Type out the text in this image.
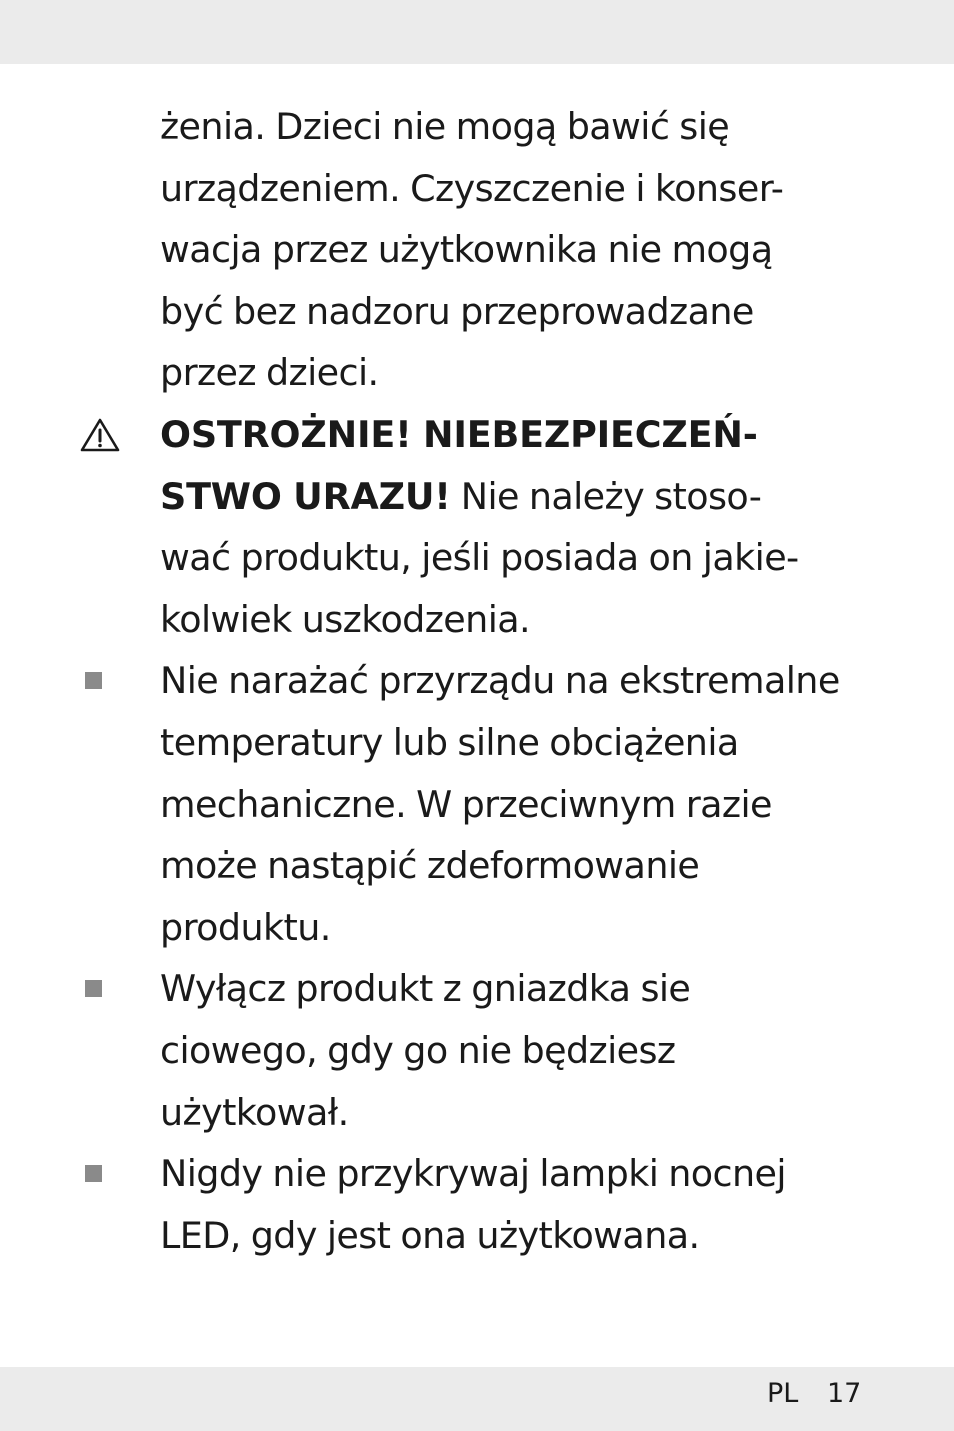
żenia. Dzieci nie mogą bawić się
urządzeniem. Czyszczenie i konser-
wacja przez użytkownika nie mogą
być bez nadzoru przeprowadzane
przez dzieci.
OSTROŻNIE! NIEBEZPIECZEŃ-
STWO URAZU! Nie należy stoso-
wać produktu, jeśli posiada on jakie-
kolwiek uszkodzenia.
Nie narażać przyrządu na ekstremalne
temperatury lub silne obciążenia
mechaniczne. W przeciwnym razie
może nastąpić zdeformowanie
produktu.
Wyłącz produkt z gniazdka sie
ciowego, gdy go nie będziesz
użytkował.
Nigdy nie przykrywaj lampki nocnej
LED, gdy jest ona użytkowana.
PL 17
